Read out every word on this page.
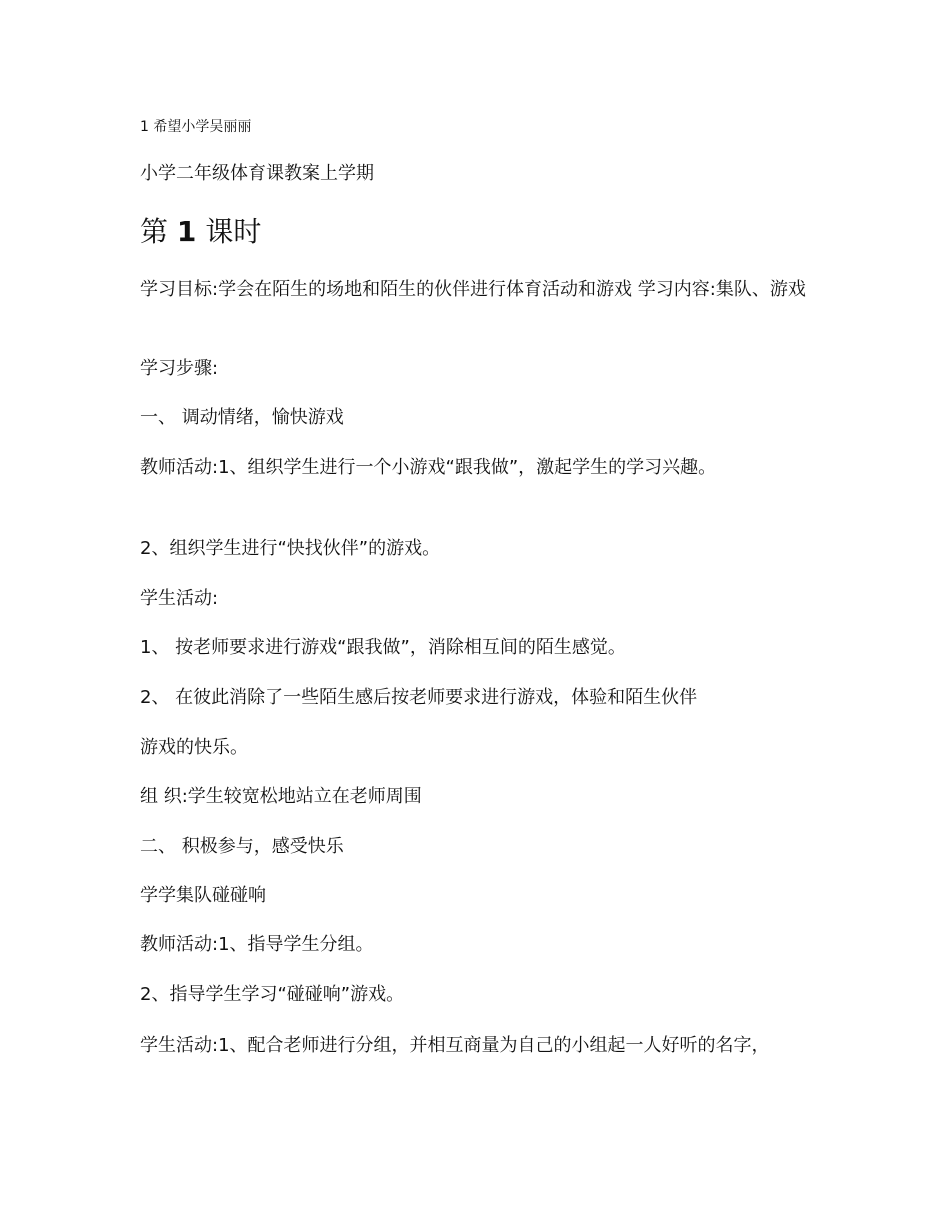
1 希望小学吴丽丽
小学二年级体育课教案上学期
第 1 课时
学习目标:学会在陌生的场地和陌生的伙伴进行体育活动和游戏 学习内容:集队、游戏
学习步骤:
一、 调动情绪，愉快游戏
教师活动:1、组织学生进行一个小游戏“跟我做”，激起学生的学习兴趣。
2、组织学生进行“快找伙伴”的游戏。
学生活动:
1、 按老师要求进行游戏“跟我做”，消除相互间的陌生感觉。
2、 在彼此消除了一些陌生感后按老师要求进行游戏，体验和陌生伙伴
游戏的快乐。
组 织:学生较宽松地站立在老师周围
二、 积极参与，感受快乐
学学集队碰碰响
教师活动:1、指导学生分组。
2、指导学生学习“碰碰响”游戏。
学生活动:1、配合老师进行分组，并相互商量为自己的小组起一人好听的名字，
